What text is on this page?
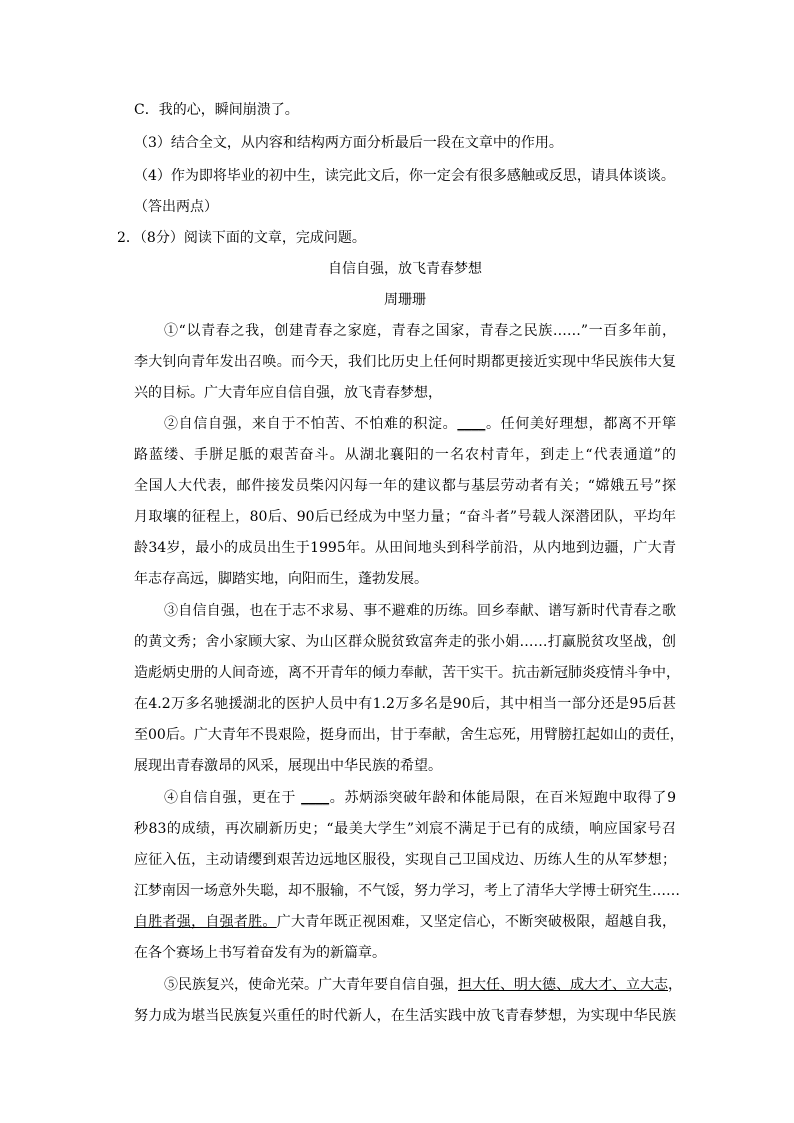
C．我的心，瞬间崩溃了。
（3）结合全文，从内容和结构两方面分析最后一段在文章中的作用。
（4）作为即将毕业的初中生，读完此文后，你一定会有很多感触或反思，请具体谈谈。
（答出两点）
2．（8分）阅读下面的文章，完成问题。
自信自强，放飞青春梦想
周珊珊
①“以青春之我，创建青春之家庭，青春之国家，青春之民族……”一百多年前，
李大钊向青年发出召唤。而今天，我们比历史上任何时期都更接近实现中华民族伟大复
兴的目标。广大青年应自信自强，放飞青春梦想，
②自信自强，来自于不怕苦、不怕难的积淀。____。任何美好理想，都离不开筚
路蓝缕、手胼足胝的艰苦奋斗。从湖北襄阳的一名农村青年，到走上“代表通道”的
全国人大代表，邮件接发员柴闪闪每一年的建议都与基层劳动者有关；“嫦娥五号”探
月取壤的征程上，80后、90后已经成为中坚力量；“奋斗者”号载人深潜团队，平均年
龄34岁，最小的成员出生于1995年。从田间地头到科学前沿，从内地到边疆，广大青
年志存高远，脚踏实地，向阳而生，蓬勃发展。
③自信自强，也在于志不求易、事不避难的历练。回乡奉献、谱写新时代青春之歌
的黄文秀；舍小家顾大家、为山区群众脱贫致富奔走的张小娟……打赢脱贫攻坚战，创
造彪炳史册的人间奇迹，离不开青年的倾力奉献，苦干实干。抗击新冠肺炎疫情斗争中，
在4.2万多名驰援湖北的医护人员中有1.2万多名是90后，其中相当一部分还是95后甚
至00后。广大青年不畏艰险，挺身而出，甘于奉献，舍生忘死，用臂膀扛起如山的责任，
展现出青春激昂的风采，展现出中华民族的希望。
④自信自强，更在于 ____。苏炳添突破年龄和体能局限，在百米短跑中取得了9
秒83的成绩，再次刷新历史；“最美大学生”刘宸不满足于已有的成绩，响应国家号召
应征入伍，主动请缨到艰苦边远地区服役，实现自己卫国戍边、历练人生的从军梦想；
江梦南因一场意外失聪，却不服输，不气馁，努力学习，考上了清华大学博士研究生……
自胜者强，自强者胜。广大青年既正视困难，又坚定信心，不断突破极限，超越自我，
在各个赛场上书写着奋发有为的新篇章。
⑤民族复兴，使命光荣。广大青年要自信自强，担大任、明大德、成大才、立大志，
努力成为堪当民族复兴重任的时代新人，在生活实践中放飞青春梦想，为实现中华民族
